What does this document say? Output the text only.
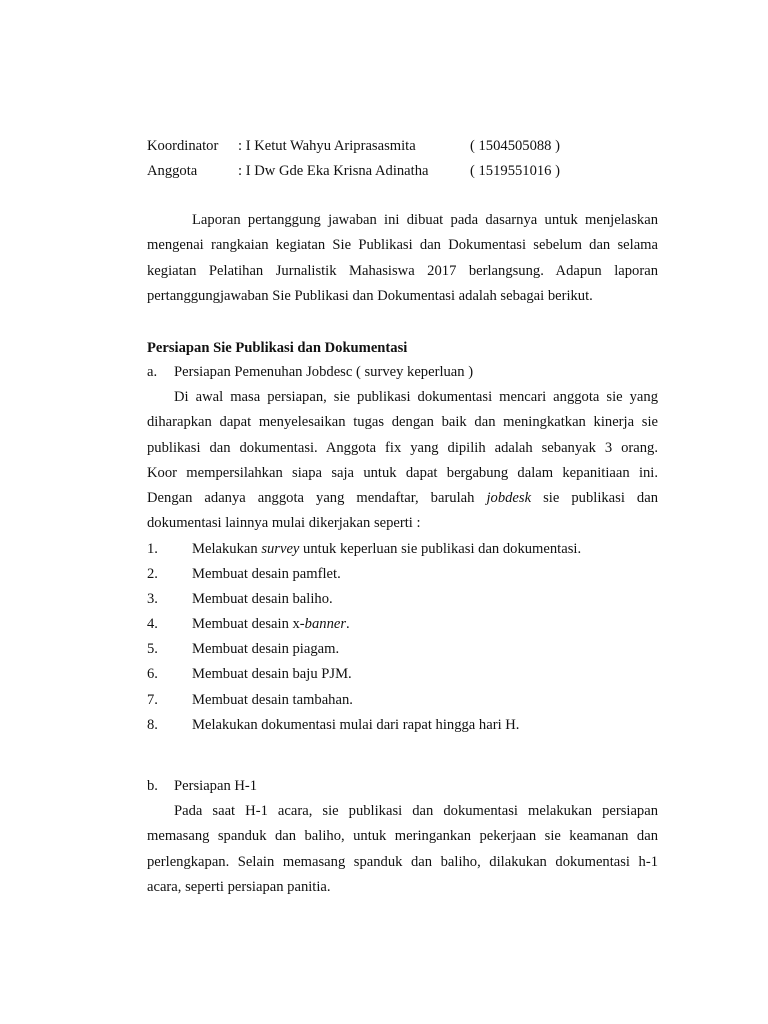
Koordinator : I Ketut Wahyu Ariprasasmita	( 1504505088 )
Anggota	: I Dw Gde Eka Krisna Adinatha	( 1519551016 )
Laporan pertanggung jawaban ini dibuat pada dasarnya untuk menjelaskan
mengenai rangkaian kegiatan Sie Publikasi dan Dokumentasi sebelum dan selama
kegiatan Pelatihan Jurnalistik Mahasiswa 2017 berlangsung. Adapun laporan
pertanggungjawaban Sie Publikasi dan Dokumentasi adalah sebagai berikut.
Persiapan Sie Publikasi dan Dokumentasi
a. Persiapan Pemenuhan Jobdesc ( survey keperluan )
Di awal masa persiapan, sie publikasi dokumentasi mencari anggota sie yang
diharapkan dapat menyelesaikan tugas dengan baik dan meningkatkan kinerja sie
publikasi dan dokumentasi. Anggota fix yang dipilih adalah sebanyak 3 orang.
Koor mempersilahkan siapa saja untuk dapat bergabung dalam kepanitiaan ini.
Dengan adanya anggota yang mendaftar, barulah jobdesk sie publikasi dan
dokumentasi lainnya mulai dikerjakan seperti :
1. Melakukan survey untuk keperluan sie publikasi dan dokumentasi.
2. Membuat desain pamflet.
3. Membuat desain baliho.
4. Membuat desain x-banner.
5. Membuat desain piagam.
6. Membuat desain baju PJM.
7. Membuat desain tambahan.
8. Melakukan dokumentasi mulai dari rapat hingga hari H.
b. Persiapan H-1
Pada saat H-1 acara, sie publikasi dan dokumentasi melakukan persiapan
memasang spanduk dan baliho, untuk meringankan pekerjaan sie keamanan dan
perlengkapan. Selain memasang spanduk dan baliho, dilakukan dokumentasi h-1
acara, seperti persiapan panitia.
